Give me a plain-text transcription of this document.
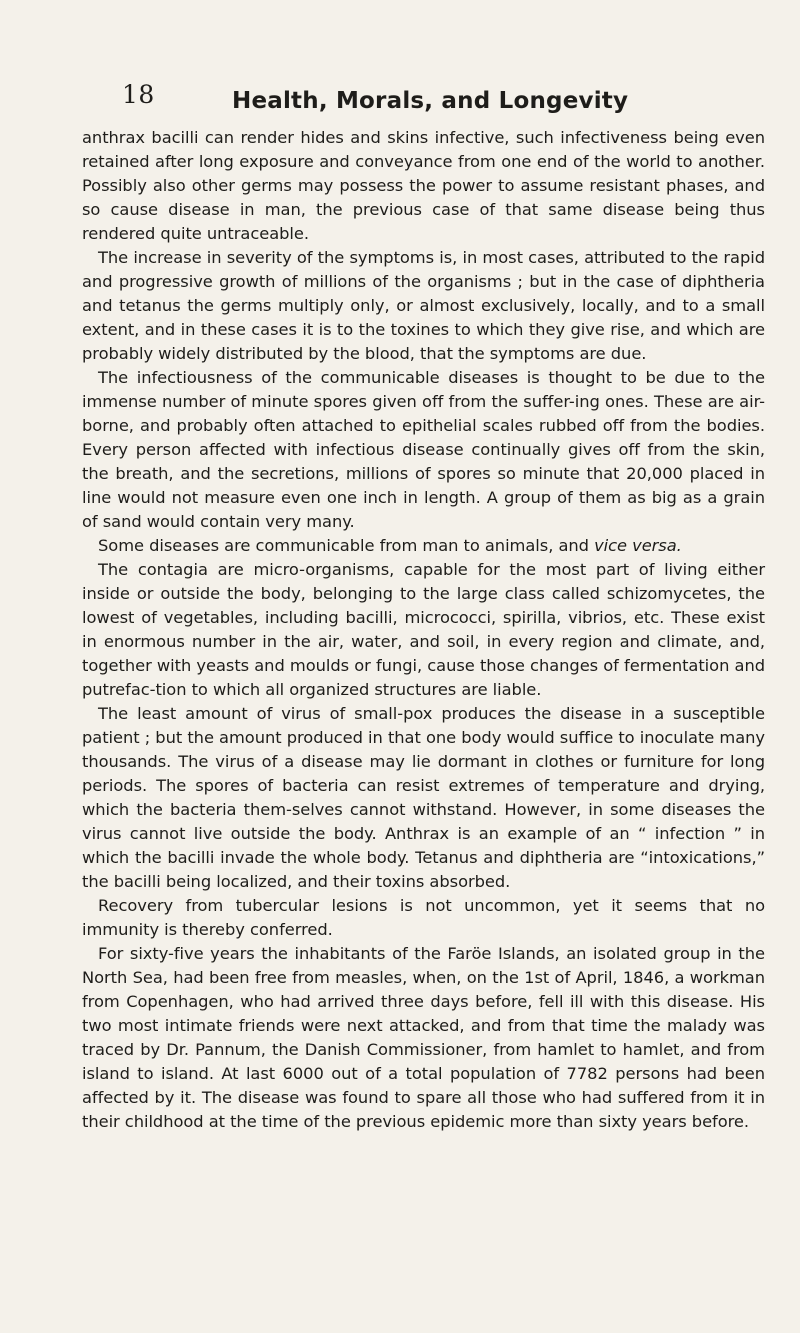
18	Health, Morals, and Longevity

anthrax bacilli can render hides and skins infective, such infectiveness being even retained after long exposure and conveyance from one end of the world to another. Possibly also other germs may possess the power to assume resistant phases, and so cause disease in man, the previous case of that same disease being thus rendered quite untraceable.

The increase in severity of the symptoms is, in most cases, attributed to the rapid and progressive growth of millions of the organisms ; but in the case of diphtheria and tetanus the germs multiply only, or almost exclusively, locally, and to a small extent, and in these cases it is to the toxines to which they give rise, and which are probably widely distributed by the blood, that the symptoms are due.

The infectiousness of the communicable diseases is thought to be due to the immense number of minute spores given off from the suffer-ing ones. These are air-borne, and probably often attached to epithelial scales rubbed off from the bodies. Every person affected with infectious disease continually gives off from the skin, the breath, and the secretions, millions of spores so minute that 20,000 placed in line would not measure even one inch in length. A group of them as big as a grain of sand would contain very many.

Some diseases are communicable from man to animals, and vice versa.

The contagia are micro-organisms, capable for the most part of living either inside or outside the body, belonging to the large class called schizomycetes, the lowest of vegetables, including bacilli, micrococci, spirilla, vibrios, etc. These exist in enormous number in the air, water, and soil, in every region and climate, and, together with yeasts and moulds or fungi, cause those changes of fermentation and putrefac-tion to which all organized structures are liable.

The least amount of virus of small-pox produces the disease in a susceptible patient ; but the amount produced in that one body would suffice to inoculate many thousands. The virus of a disease may lie dormant in clothes or furniture for long periods. The spores of bacteria can resist extremes of temperature and drying, which the bacteria them-selves cannot withstand. However, in some diseases the virus cannot live outside the body. Anthrax is an example of an “ infection ” in which the bacilli invade the whole body. Tetanus and diphtheria are “intoxications,” the bacilli being localized, and their toxins absorbed.

Recovery from tubercular lesions is not uncommon, yet it seems that no immunity is thereby conferred.

For sixty-five years the inhabitants of the Faröe Islands, an isolated group in the North Sea, had been free from measles, when, on the 1st of April, 1846, a workman from Copenhagen, who had arrived three days before, fell ill with this disease. His two most intimate friends were next attacked, and from that time the malady was traced by Dr. Pannum, the Danish Commissioner, from hamlet to hamlet, and from island to island. At last 6000 out of a total population of 7782 persons had been affected by it. The disease was found to spare all those who had suffered from it in their childhood at the time of the previous epidemic more than sixty years before.
